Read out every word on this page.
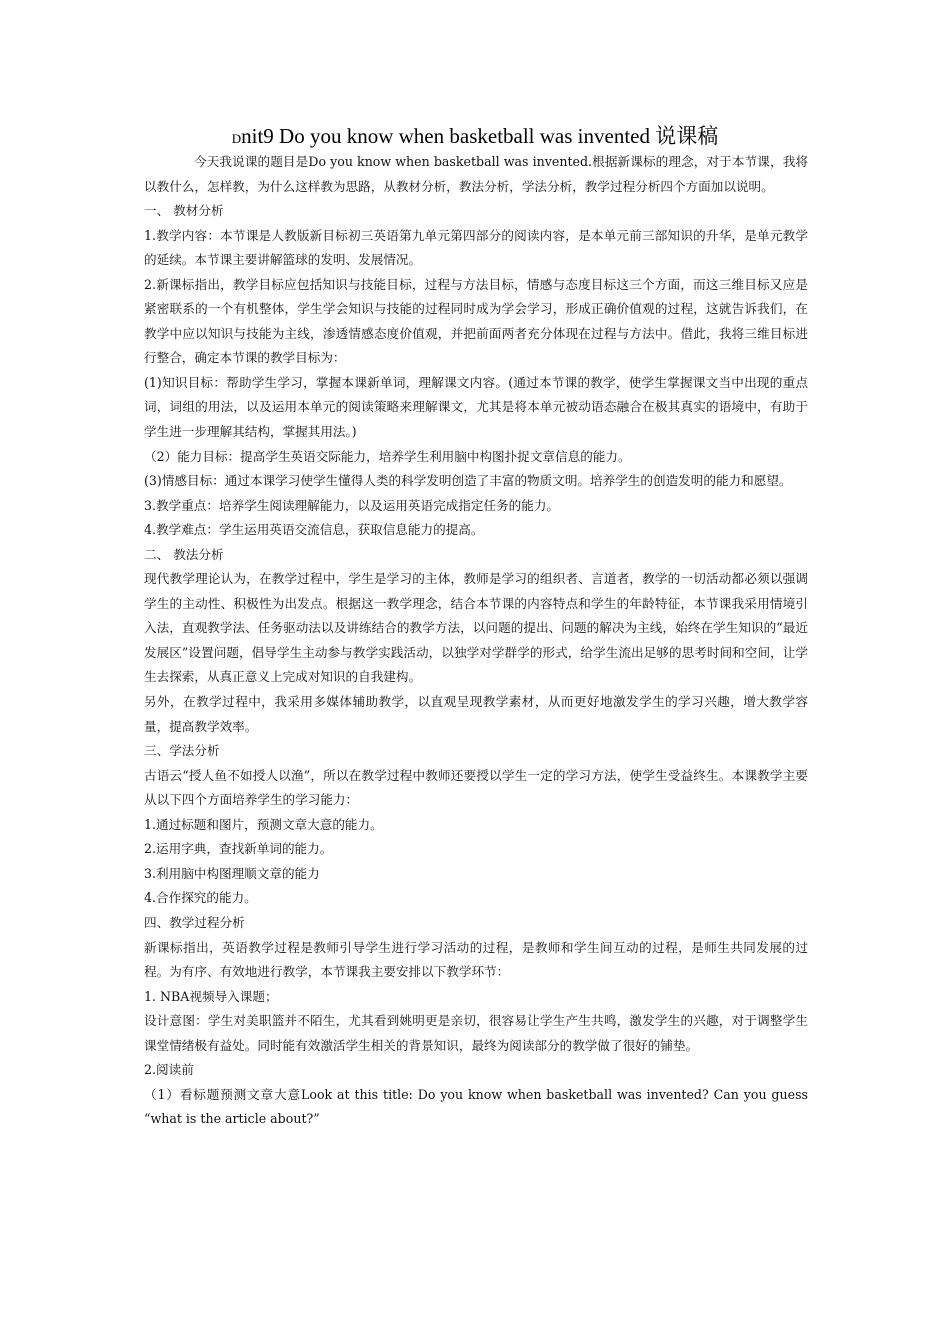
Dnit9 Do you know when basketball was invented 说课稿

今天我说课的题目是Do you know when basketball was invented.根据新课标的理念，对于本节课，我将以教什么，怎样教，为什么这样教为思路，从教材分析，教法分析，学法分析，教学过程分析四个方面加以说明。

一、 教材分析

1.教学内容：本节课是人教版新目标初三英语第九单元第四部分的阅读内容，是本单元前三部知识的升华，是单元教学的延续。本节课主要讲解篮球的发明、发展情况。

2.新课标指出，教学目标应包括知识与技能目标，过程与方法目标，情感与态度目标这三个方面，而这三维目标又应是紧密联系的一个有机整体，学生学会知识与技能的过程同时成为学会学习，形成正确价值观的过程，这就告诉我们，在教学中应以知识与技能为主线，渗透情感态度价值观，并把前面两者充分体现在过程与方法中。借此，我将三维目标进行整合，确定本节课的教学目标为：

(1)知识目标：帮助学生学习，掌握本课新单词，理解课文内容。(通过本节课的教学，使学生掌握课文当中出现的重点词，词组的用法，以及运用本单元的阅读策略来理解课文，尤其是将本单元被动语态融合在极其真实的语境中，有助于学生进一步理解其结构，掌握其用法。)

（2）能力目标：提高学生英语交际能力，培养学生利用脑中构图扑捉文章信息的能力。

(3)情感目标：通过本课学习使学生懂得人类的科学发明创造了丰富的物质文明。培养学生的创造发明的能力和愿望。

3.教学重点：培养学生阅读理解能力，以及运用英语完成指定任务的能力。

4.教学难点：学生运用英语交流信息，获取信息能力的提高。

二、 教法分析

现代教学理论认为，在教学过程中，学生是学习的主体，教师是学习的组织者、言道者，教学的一切活动都必须以强调学生的主动性、积极性为出发点。根据这一教学理念，结合本节课的内容特点和学生的年龄特征，本节课我采用情境引入法，直观教学法、任务驱动法以及讲练结合的教学方法，以问题的提出、问题的解决为主线，始终在学生知识的“最近发展区”设置问题，倡导学生主动参与教学实践活动，以独学对学群学的形式，给学生流出足够的思考时间和空间，让学生去探索，从真正意义上完成对知识的自我建构。

另外，在教学过程中，我采用多媒体辅助教学，以直观呈现教学素材，从而更好地激发学生的学习兴趣，增大教学容量，提高教学效率。

三、学法分析

古语云“授人鱼不如授人以渔”，所以在教学过程中教师还要授以学生一定的学习方法，使学生受益终生。本课教学主要从以下四个方面培养学生的学习能力：

1.通过标题和图片，预测文章大意的能力。

2.运用字典，查找新单词的能力。

3.利用脑中构图理顺文章的能力

4.合作探究的能力。

四、教学过程分析

新课标指出，英语教学过程是教师引导学生进行学习活动的过程，是教师和学生间互动的过程，是师生共同发展的过程。为有序、有效地进行教学，本节课我主要安排以下教学环节：

1. NBA视频导入课题；

设计意图：学生对美职篮并不陌生，尤其看到姚明更是亲切，很容易让学生产生共鸣，激发学生的兴趣，对于调整学生课堂情绪极有益处。同时能有效激活学生相关的背景知识，最终为阅读部分的教学做了很好的铺垫。

2.阅读前

（1）看标题预测文章大意Look at this title: Do you know when basketball was invented? Can you guess “what is the article about?”
